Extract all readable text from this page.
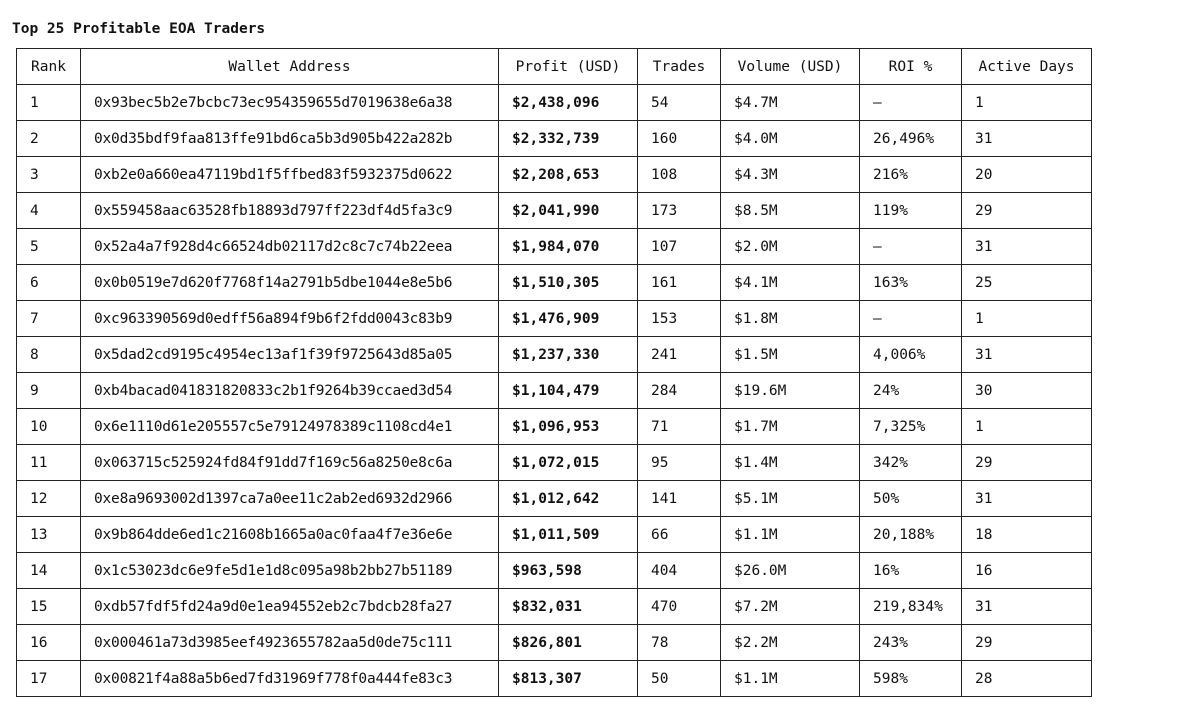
Top 25 Profitable EOA Traders
Rank	Wallet Address	Profit (USD)	Trades	Volume (USD)	ROI %	Active Days
1	0x93bec5b2e7bcbc73ec954359655d7019638e6a38	$2,438,096	54	$4.7M	—	1
2	0x0d35bdf9faa813ffe91bd6ca5b3d905b422a282b	$2,332,739	160	$4.0M	26,496%	31
3	0xb2e0a660ea47119bd1f5ffbed83f5932375d0622	$2,208,653	108	$4.3M	216%	20
4	0x559458aac63528fb18893d797ff223df4d5fa3c9	$2,041,990	173	$8.5M	119%	29
5	0x52a4a7f928d4c66524db02117d2c8c7c74b22eea	$1,984,070	107	$2.0M	—	31
6	0x0b0519e7d620f7768f14a2791b5dbe1044e8e5b6	$1,510,305	161	$4.1M	163%	25
7	0xc963390569d0edff56a894f9b6f2fdd0043c83b9	$1,476,909	153	$1.8M	—	1
8	0x5dad2cd9195c4954ec13af1f39f9725643d85a05	$1,237,330	241	$1.5M	4,006%	31
9	0xb4bacad041831820833c2b1f9264b39ccaed3d54	$1,104,479	284	$19.6M	24%	30
10	0x6e1110d61e205557c5e79124978389c1108cd4e1	$1,096,953	71	$1.7M	7,325%	1
11	0x063715c525924fd84f91dd7f169c56a8250e8c6a	$1,072,015	95	$1.4M	342%	29
12	0xe8a9693002d1397ca7a0ee11c2ab2ed6932d2966	$1,012,642	141	$5.1M	50%	31
13	0x9b864dde6ed1c21608b1665a0ac0faa4f7e36e6e	$1,011,509	66	$1.1M	20,188%	18
14	0x1c53023dc6e9fe5d1e1d8c095a98b2bb27b51189	$963,598	404	$26.0M	16%	16
15	0xdb57fdf5fd24a9d0e1ea94552eb2c7bdcb28fa27	$832,031	470	$7.2M	219,834%	31
16	0x000461a73d3985eef4923655782aa5d0de75c111	$826,801	78	$2.2M	243%	29
17	0x00821f4a88a5b6ed7fd31969f778f0a444fe83c3	$813,307	50	$1.1M	598%	28
